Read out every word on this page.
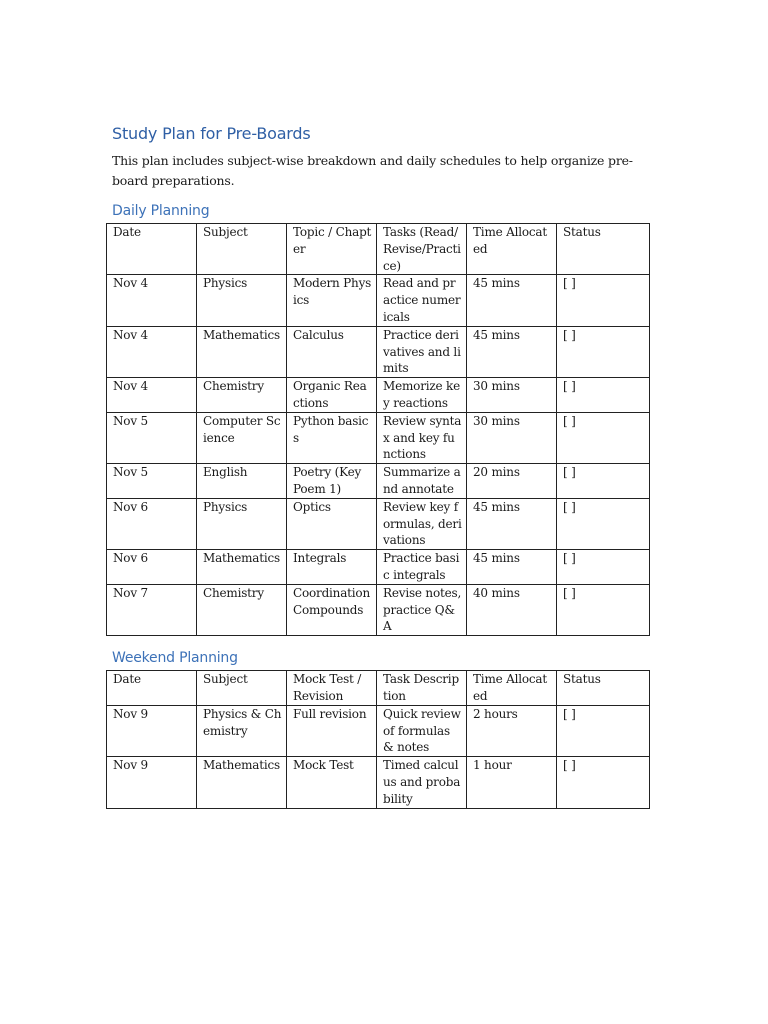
Study Plan for Pre-Boards

This plan includes subject-wise breakdown and daily schedules to help organize pre-board preparations.

Daily Planning
Date	Subject	Topic / Chapter	Tasks (Read/Revise/Practice)	Time Allocated	Status
Nov 4	Physics	Modern Physics	Read and practice numericals	45 mins	[ ]
Nov 4	Mathematics	Calculus	Practice derivatives and limits	45 mins	[ ]
Nov 4	Chemistry	Organic Reactions	Memorize key reactions	30 mins	[ ]
Nov 5	Computer Science	Python basics	Review syntax and key functions	30 mins	[ ]
Nov 5	English	Poetry (Key Poem 1)	Summarize and annotate	20 mins	[ ]
Nov 6	Physics	Optics	Review key formulas, derivations	45 mins	[ ]
Nov 6	Mathematics	Integrals	Practice basic integrals	45 mins	[ ]
Nov 7	Chemistry	Coordination Compounds	Revise notes, practice Q&A	40 mins	[ ]
Weekend Planning
Date	Subject	Mock Test / Revision	Task Description	Time Allocated	Status
Nov 9	Physics & Chemistry	Full revision	Quick review of formulas & notes	2 hours	[ ]
Nov 9	Mathematics	Mock Test	Timed calculus and probability	1 hour	[ ]
